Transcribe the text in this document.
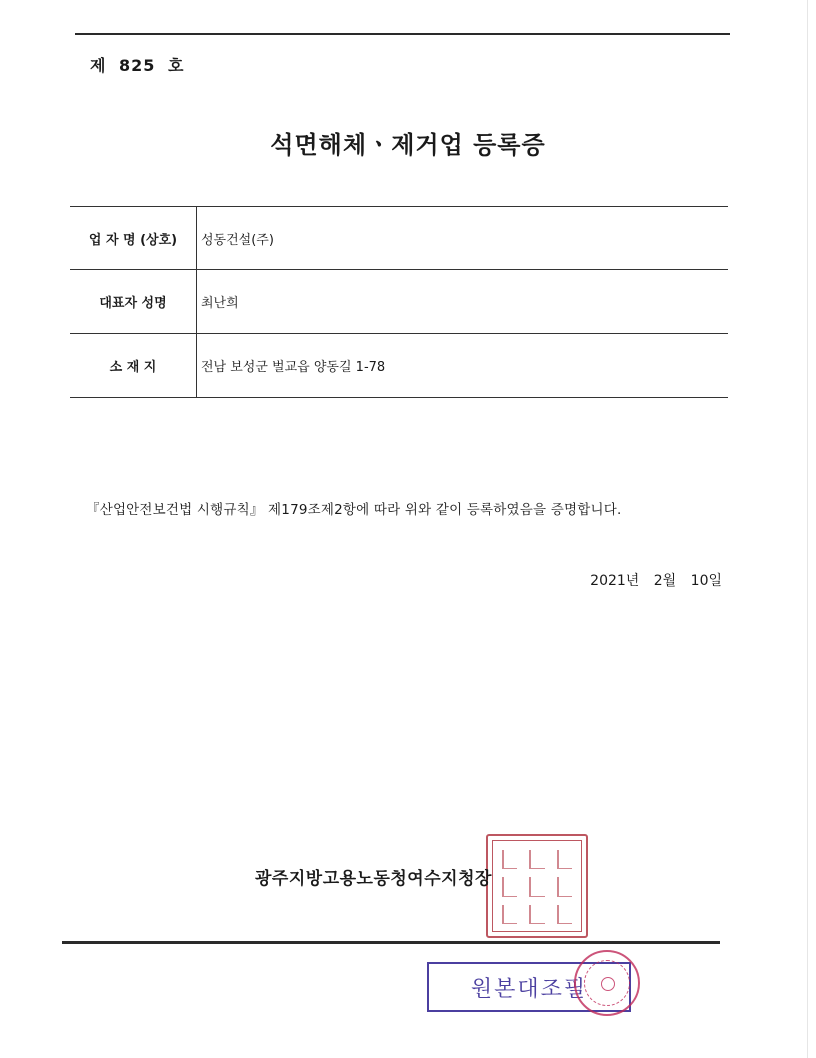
제 825 호
석면해체ㆍ제거업 등록증
업 자 명 (상호)	성동건설(주)
대표자 성명	최난희
소 재 지	전남 보성군 벌교읍 양동길 1-78
『산업안전보건법 시행규칙』 제179조제2항에 따라 위와 같이 등록하였음을 증명합니다.
2021년 2월 10일
광주지방고용노동청여수지청장
원본대조필
